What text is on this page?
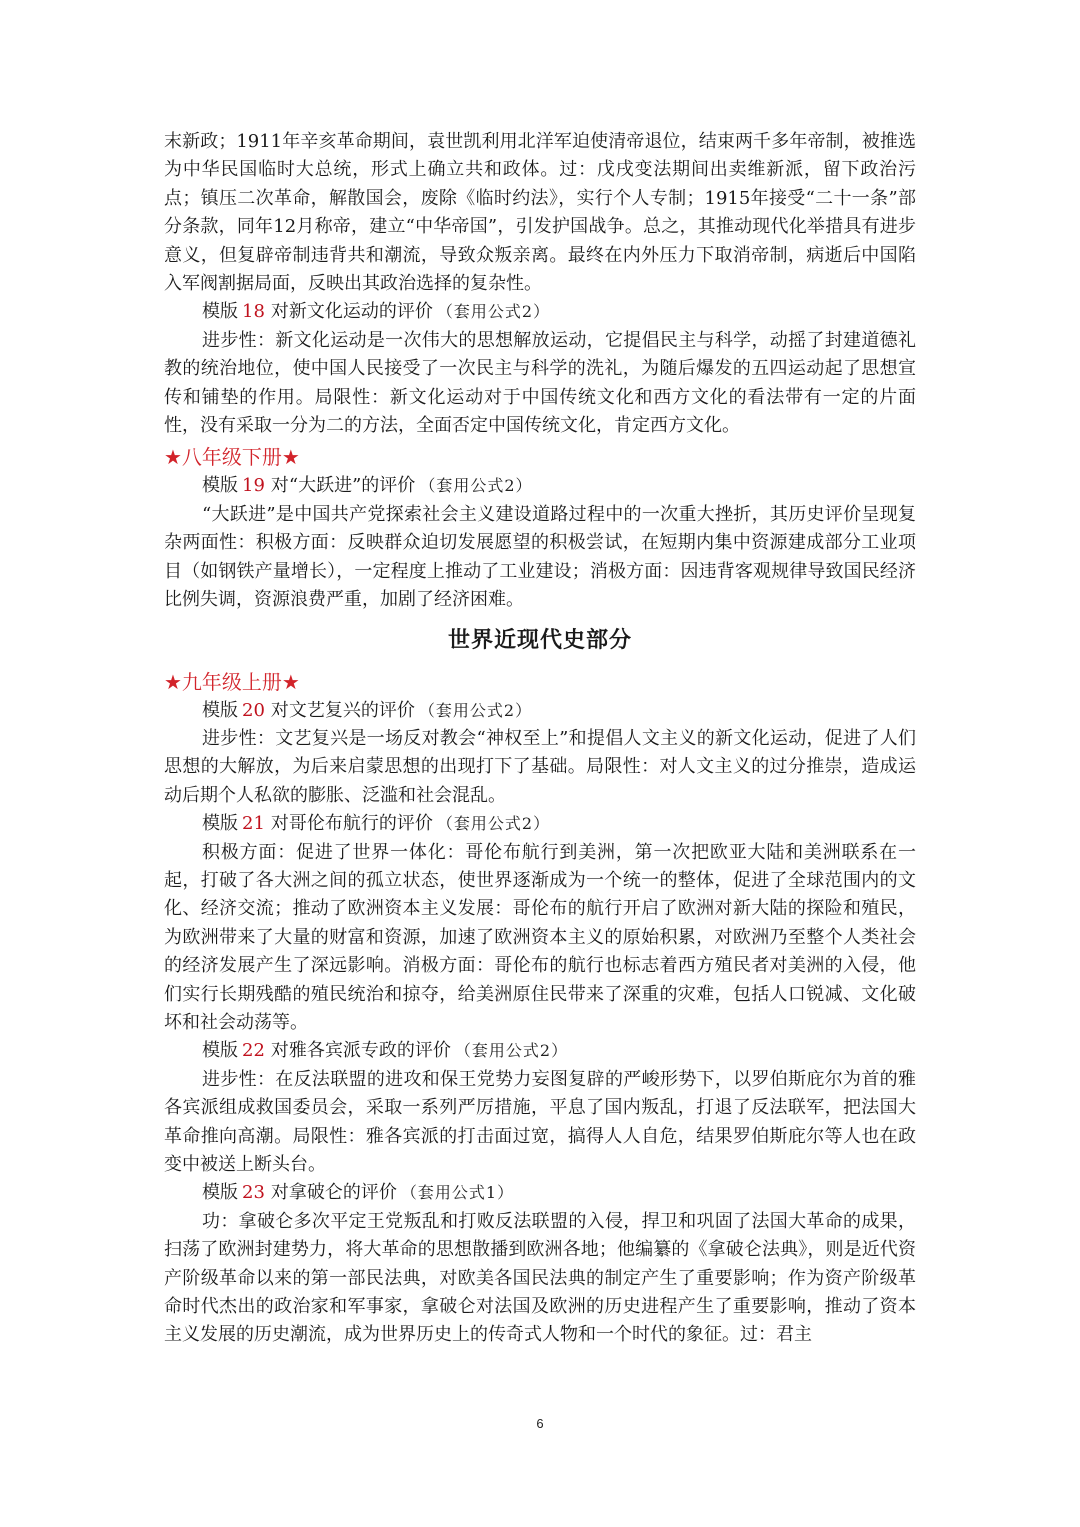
末新政；1911年辛亥革命期间，袁世凯利用北洋军迫使清帝退位，结束两千多年帝制，被推选为中华民国临时大总统，形式上确立共和政体。过：戊戌变法期间出卖维新派，留下政治污点；镇压二次革命，解散国会，废除《临时约法》，实行个人专制；1915年接受“二十一条”部分条款，同年12月称帝，建立“中华帝国”，引发护国战争。总之，其推动现代化举措具有进步意义，但复辟帝制违背共和潮流，导致众叛亲离。最终在内外压力下取消帝制，病逝后中国陷入军阀割据局面，反映出其政治选择的复杂性。

模版 18 对新文化运动的评价 （套用公式2）

进步性：新文化运动是一次伟大的思想解放运动，它提倡民主与科学，动摇了封建道德礼教的统治地位，使中国人民接受了一次民主与科学的洗礼，为随后爆发的五四运动起了思想宣传和铺垫的作用。局限性：新文化运动对于中国传统文化和西方文化的看法带有一定的片面性，没有采取一分为二的方法，全面否定中国传统文化，肯定西方文化。

★八年级下册★
模版 19 对“大跃进”的评价 （套用公式2）

“大跃进”是中国共产党探索社会主义建设道路过程中的一次重大挫折，其历史评价呈现复杂两面性：积极方面：反映群众迫切发展愿望的积极尝试，在短期内集中资源建成部分工业项目（如钢铁产量增长），一定程度上推动了工业建设；消极方面：因违背客观规律导致国民经济比例失调，资源浪费严重，加剧了经济困难。

世界近现代史部分
★九年级上册★
模版 20 对文艺复兴的评价 （套用公式2）

进步性：文艺复兴是一场反对教会“神权至上”和提倡人文主义的新文化运动，促进了人们思想的大解放，为后来启蒙思想的出现打下了基础。局限性：对人文主义的过分推崇，造成运动后期个人私欲的膨胀、泛滥和社会混乱。

模版 21 对哥伦布航行的评价 （套用公式2）

积极方面：促进了世界一体化：哥伦布航行到美洲，第一次把欧亚大陆和美洲联系在一起，打破了各大洲之间的孤立状态，使世界逐渐成为一个统一的整体，促进了全球范围内的文化、经济交流；推动了欧洲资本主义发展：哥伦布的航行开启了欧洲对新大陆的探险和殖民，为欧洲带来了大量的财富和资源，加速了欧洲资本主义的原始积累，对欧洲乃至整个人类社会的经济发展产生了深远影响。消极方面：哥伦布的航行也标志着西方殖民者对美洲的入侵，他们实行长期残酷的殖民统治和掠夺，给美洲原住民带来了深重的灾难，包括人口锐减、文化破坏和社会动荡等。

模版 22 对雅各宾派专政的评价 （套用公式2）

进步性：在反法联盟的进攻和保王党势力妄图复辟的严峻形势下，以罗伯斯庇尔为首的雅各宾派组成救国委员会，采取一系列严厉措施，平息了国内叛乱，打退了反法联军，把法国大革命推向高潮。局限性：雅各宾派的打击面过宽，搞得人人自危，结果罗伯斯庇尔等人也在政变中被送上断头台。

模版 23 对拿破仑的评价 （套用公式1）

功：拿破仑多次平定王党叛乱和打败反法联盟的入侵，捍卫和巩固了法国大革命的成果，扫荡了欧洲封建势力，将大革命的思想散播到欧洲各地；他编纂的《拿破仑法典》，则是近代资产阶级革命以来的第一部民法典，对欧美各国民法典的制定产生了重要影响；作为资产阶级革命时代杰出的政治家和军事家，拿破仑对法国及欧洲的历史进程产生了重要影响，推动了资本主义发展的历史潮流，成为世界历史上的传奇式人物和一个时代的象征。过：君主

6
